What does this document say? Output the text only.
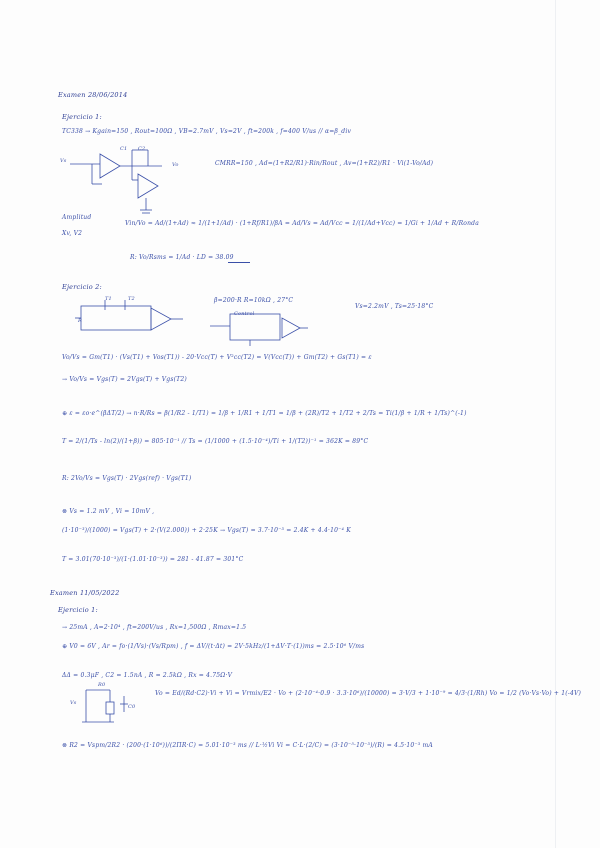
Examen 28/06/2014
Ejercicio 1:
TC338 → Kgain=150 , Rout=100Ω , VB=2.7mV , Vs=2V , ft=200k , f=400 V/us // α=β_div
C1 C2
Vs
Vo	CMRR=150 , Ad=(1+R2/R1)·Rin/Rout , Av=(1+R2)/R1 · Vi(1-Vo/Ad)
Amplitud
Xv, V2
Vin/Vo = Ad/(1+Ad) ≈ 1/(1+1/Ad) · (1+Rf/R1)/βA = Ad/Vs = Ad/Vcc = 1/(1/Ad+Vcc) = 1/Gi + 1/Ad + R/Ronda
R: Vo/Rsms = 1/Ad · LD = 38.09
Ejercicio 2:
T1	T2
R
β=200·R R=10kΩ , 27°C
Vs=2.2mV , Ts=25·18°C
Control
Vo/Vs = Gm(T1) · (Vs(T1) + Vos(T1)) - 20·Vcc(T) + V²cc(T2) = V(Vcc(T)) + Gm(T2) + Gs(T1) = ε
→ Vo/Vs = Vgs(T) = 2Vgs(T) + Vgs(T2)
⊕ ε = εo·e^(βΔT/2) → n·R/Rs = β(1/R2 - 1/T1) = 1/β + 1/R1 + 1/T1 = 1/β + (2R)/T2 + 1/T2 + 2/Ts = Ti(1/β + 1/R + 1/Ts)^(-1)
T = 2/(1/Ts - ln(2)/(1+β)) = 805·10⁻¹ // Ts = (1/1000 + (1.5·10⁻⁴)/Ti + 1/(T2))⁻¹ = 362K = 89°C
R: 2Vo/Vs = Vgs(T) · 2Vgs(ref) · Vgs(T1)
⊗ Vs = 1.2 mV , Vi = 10mV ,
(1·10⁻³)/(1000) = Vgs(T) + 2·(V(2.000)) + 2·25K → Vgs(T) = 3.7·10⁻³ = 2.4K + 4.4·10⁻⁴ K
T = 3.01(70·10⁻³)/(1·(1.01·10⁻³)) = 281 - 41.87 = 301°C
Examen 11/05/2022
Ejercicio 1:
→ 25mA , A=2·10⁴ , ft=200V/us , Rx=1,500Ω , Rmax=1.5
⊕ V0 = 6V , Ar = fo·(1/Vs)·(Vs/Rpm) , f = ΔV/(t·Δt) = 2V·5kHz/(1+ΔV·T·(1))ms = 2.5·10⁶ V/ms
ΔΔ = 0.3μF , C2 = 1.5nA , R = 2.5kΩ , Rx = 4.75Ω·V
R0
C0
Vs
Vo = Ed/(Rd·C2)·Vi + Vi = Vrmix/E2 · Vo + (2·10⁻⁴·0.9 · 3.3·10⁶)/(10000) = 3·V/3 + 1·10⁻⁹ = 4/3·(1/Rh) Vo = 1/2 (Vo·Vs·Vo) + 1(-4V)
⊗ R2 = Vspm/2R2 · (200·(1·10⁶))/(2ΠR·C) = 5.01·10⁻³ ms // L·½Vi Vi = C·L·(2/C) = (3·10⁻⁵·10⁻³)/(R) = 4.5·10⁻³ mA
